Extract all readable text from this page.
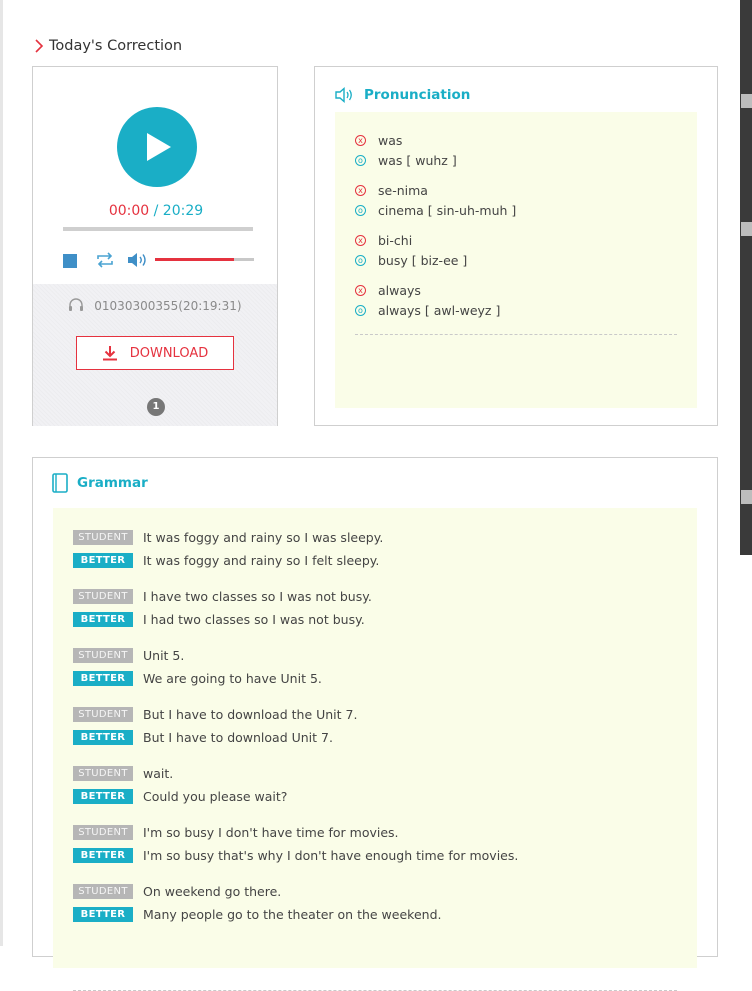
Today's Correction
00:00 / 20:29
01030300355(20:19:31)
DOWNLOAD
1
Pronunciation
x was
o was [ wuhz ]
x se-nima
o cinema [ sin-uh-muh ]
x bi-chi
o busy [ biz-ee ]
x always
o always [ awl-weyz ]
Grammar
STUDENT	It was foggy and rainy so I was sleepy.
BETTER	It was foggy and rainy so I felt sleepy.
STUDENT	I have two classes so I was not busy.
BETTER	I had two classes so I was not busy.
STUDENT	Unit 5.
BETTER	We are going to have Unit 5.
STUDENT	But I have to download the Unit 7.
BETTER	But I have to download Unit 7.
STUDENT	wait.
BETTER	Could you please wait?
STUDENT	I'm so busy I don't have time for movies.
BETTER	I'm so busy that's why I don't have enough time for movies.
STUDENT	On weekend go there.
BETTER	Many people go to the theater on the weekend.
